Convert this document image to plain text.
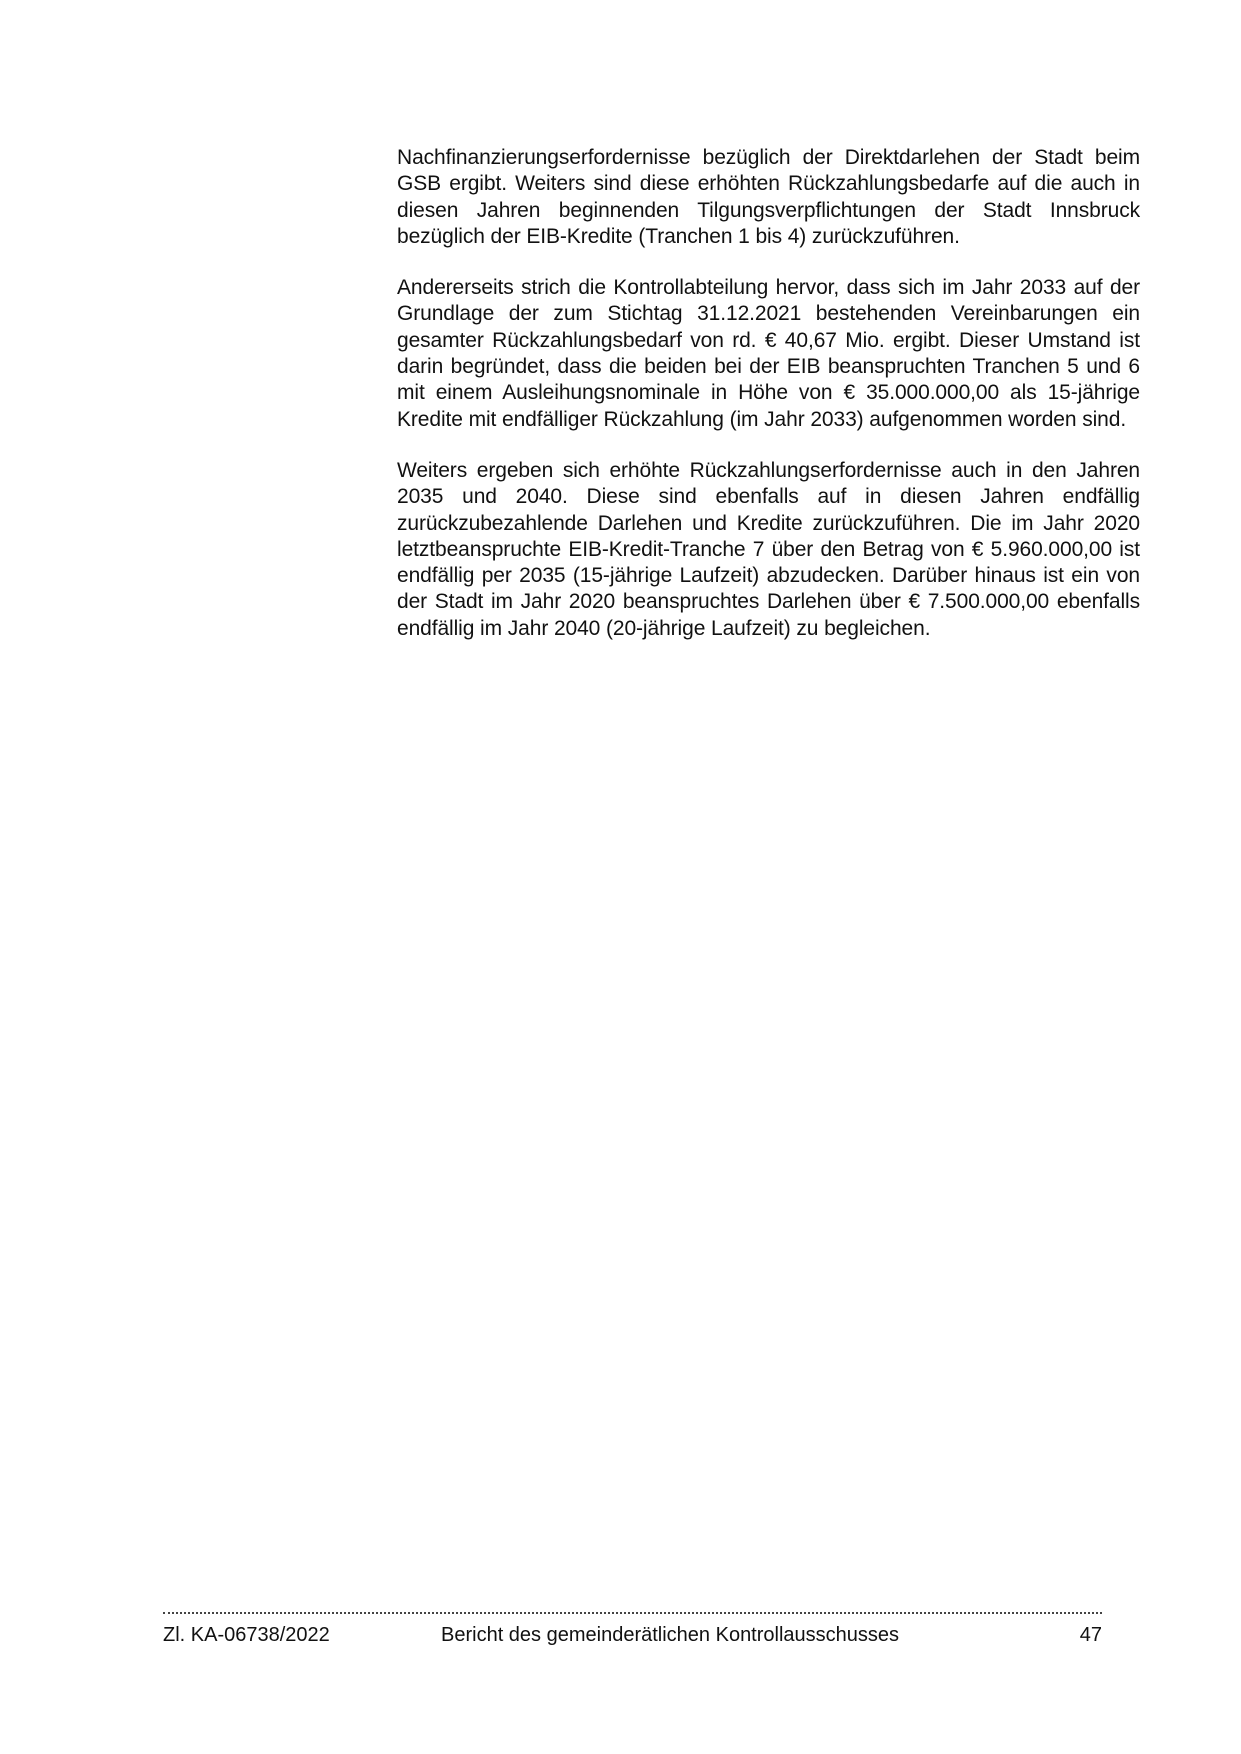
Nachfinanzierungserfordernisse bezüglich der Direktdarlehen der Stadt beim GSB ergibt. Weiters sind diese erhöhten Rückzahlungsbedarfe auf die auch in diesen Jahren beginnenden Tilgungsverpflichtungen der Stadt Innsbruck bezüglich der EIB-Kredite (Tranchen 1 bis 4) zurückzuführen.

Andererseits strich die Kontrollabteilung hervor, dass sich im Jahr 2033 auf der Grundlage der zum Stichtag 31.12.2021 bestehenden Vereinbarungen ein gesamter Rückzahlungsbedarf von rd. € 40,67 Mio. ergibt. Dieser Umstand ist darin begründet, dass die beiden bei der EIB beanspruchten Tranchen 5 und 6 mit einem Ausleihungsnominale in Höhe von € 35.000.000,00 als 15-jährige Kredite mit endfälliger Rückzahlung (im Jahr 2033) aufgenommen worden sind.

Weiters ergeben sich erhöhte Rückzahlungserfordernisse auch in den Jahren 2035 und 2040. Diese sind ebenfalls auf in diesen Jahren endfällig zurückzubezahlende Darlehen und Kredite zurückzuführen. Die im Jahr 2020 letztbeanspruchte EIB-Kredit-Tranche 7 über den Betrag von € 5.960.000,00 ist endfällig per 2035 (15-jährige Laufzeit) abzudecken. Darüber hinaus ist ein von der Stadt im Jahr 2020 beanspruchtes Darlehen über € 7.500.000,00 ebenfalls endfällig im Jahr 2040 (20-jährige Laufzeit) zu begleichen.

Zl. KA-06738/2022	Bericht des gemeinderätlichen Kontrollausschusses	47
